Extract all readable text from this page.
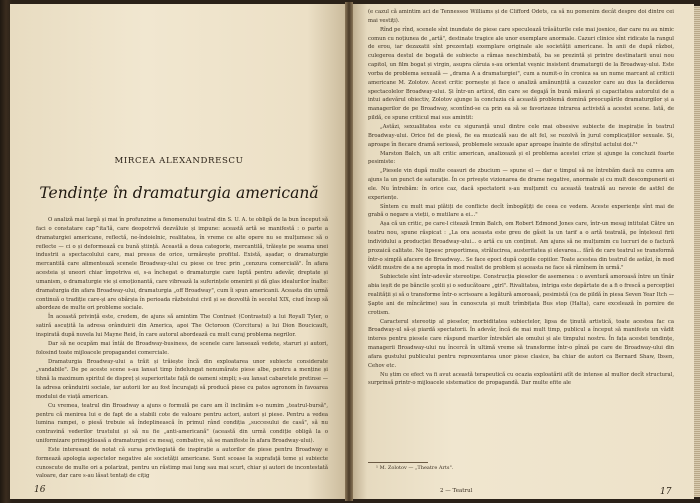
MIRCEA ALEXANDRESCU
Tendințe în dramaturgia americană

O analiză mai largă și mai în profunzime a fenomenului teatral din S. U. A. te obligă de la bun început să faci o constatare cap^ita'lă, care deopotrivă dezvăluie și impune: această artă se manifestă : o parte a dramaturgiei americane, reflectă, ne-îndoielnic, realitatea, în vreme ce alte opere nu se mulțumesc să o reflecte — ci o și deformează cu bună știință. Această a doua categorie, mercantilă, trăiește pe seama unei industrii a spectacolului care, mai presus de orice, urmărește profitul. Există, așadar, o dramaturgie mercantilă care alimentează scenele Broadway-ului cu piese ce trec prin „cenzura comercială". În afara acesteia și uneori chiar împotriva ei, s-a închegat o dramaturgie care luptă pentru adevăr, dreptate și umanism, o dramaturgie vie și emoționantă, care vibrează la suferințele omenirii și dă glas idealurilor înalte: dramaturgia din afara Broadway-ului, dramaturgia „off Broadway", cum îi spun americanii. Aceasta din urmă continuă o tradiție care-și are obârșia în perioada războiului civil și se dezvoltă în secolul XIX, ciud încep să abordeze de multe ori probleme sociale.

În această privință este, credem, de ajuns să amintim The Contrast (Contrastul) a lui Royall Tyler, o satiră ascuțită la adresa orânduirii din America, apoi The Octoroon (Corcitura) a lui Dion Boucicault, inspirată după nuvela lui Mayne Reid, în care autorul abordează cu mult curaj problema negrilor.

Dar să ne ocupăm mai întâi de Broadway-business, de scenele care lansează vedete, staruri și autori, folosind toate mijloacele propagandei comerciale.

Dramaturgia Broadway-ului a trăit și trăiește încă din exploatarea unor subiecte considerate „vandabile". De pe aceste scene s-au lansat timp îndelungat nenumărate piese albe, pentru a menține și tihnă la maximum spiritul de dispreț și superioritate față de oameni simpli; s-au lansat cabaretele pretinse — la adresa orânduirii sociale, iar autorii lor au fost încurajați să producă piese cu patos agronom în favoarea modului de viață american.

Cu vremea, teatrul din Broadway a ajuns o formulă pe care am îl inclinăm s-o numim „teatrul-bursă", pentru că menirea lui e de fapt de a stabili cote de valoare pentru actori, autori și piese. Pentru a vedea lumina rampei, o piesă trebuie să îndeplinească în primul rând condiția „succesului de casă", să nu contravină vederilor trustului și să nu fie „anti-americană" (această din urmă condiție obligă la o uniformizare primejdioasă a dramaturgiei cu mesaj, combative, să se manifeste în afara Broadway-ului).

Este interesant de notat că sursa privilegiată de inspirație a autorilor de piese pentru Broadway e formează apologia aspectelor negative ale societății americane. Sunt scoase la suprafață teme și subiecte cunoscute de multe ori a polarizat, pentru un răstimp mai lung sau mai scurt, chiar și autori de incontestată valoare, dar care s-au lăsat tentați de cițig

16

(e cazul că amintim aci de Tennessee Williams și de Clifford Odets, ca să nu pomenim decât despre doi dintre cei mai vestiți).

Rînd pe rînd, scenele sînt inundate de piese care speculează trăsăturile cele mai josnice, dar care nu au nimic comun cu noțiunea de „artă", destinate tragice ale unor exemplare anormale. Cazuri clinice sînt ridicate la rangul de erou, iar dezaxatii sînt prezentați exemplare originale ale societății americane. În anii de după război, culegerea destul de bogată de subiecte a rămas neschimbată, ba se prezintă și printre destinatarii unui nou capitol, un film bogat și virgin, asupra căruia s-au orientat veșnic insistent dramaturgii de la Broadway-ului. Este vorba de problema sexuală — „drama A a dramaturgiei", cum a numit-o în cronica sa un nume marcant al criticii americane M. Zolotov. Acest critic pornește și face o analiză amănunțită a cauzelor care au dus la decăderea spectacolelor Broadway-ului. Și într-un articol, din care se degajă în bună măsură și capacitatea autorului de a intui adevărul obiectiv, Zolotov ajunge la concluzia că această problemă domină preocupările dramaturgilor și a managerilor de pe Broadway, scontînd-se ca prin ea să se favorizeze intrarea activistă a acestei scene. Iată, de pildă, ce spune criticul mai sus amintit:

„Astăzi, sexualitatea este cu siguranță unul dintre cele mai obsesive subiecte de inspirație în teatrul Broadway-ului. Orice fel de piesă, fie ea muzicală sau de alt fel, se rezolvă în jurul complicațiilor sexuale. Și, aproape în fiecare dramă serioasă, problemele sexuale apar aproape înainte de sfîrșitul actului doi."¹

Marston Balch, un alt critic american, analizează și el problema acestei crize și ajunge la concluzii foarte pesimiste:

„Piesele vin după multe ceasuri de zbucium — spune el — dar e timpul să ne întrebăm dacă nu cumva am ajuns la un punct de saturație. În ce privește vizionarea de drame negative, anormale și cu mult descompunerii ei ele. Nu întrebăm: în orice caz, dacă spectatorii s-au mulțumit cu această teatrală au nevoie de astfel de experiențe.

Sîntem cu mult mai plătiți de conflicte decît îmbogățiți de ceea ce vedem. Aceste experiențe sînt mai de grabă o negare a vieții, o mutilare a ei..."

Așa că un critic, pe care-l citează Irmin Balch, om Robert Edmond Jones care, într-un mesaj intitulat Către un teatru nou, spune răspicat : „La ora aceasta este greu de găsit la un tarif a o artă teatrală, pe înțelesul firii individului a producției Broadway-ului... o artă cu un conținut. Am ajuns să ne mulțumim cu lucruri de o factură prozaică calitate. Ne lipsesc proportimea, strălucirea, austeritatea și elevarea... fără de care teatrul se transformă într-o simplă afacere de Broadway... Se face epoci după copiile copiilor. Toate acestea din teatrul de astăzi, în mod vădit mustre de a ne apropia în mod realist de problem și aceasta ne face să rămînem în urmă."

Subiectele sînt într-adevăr stereotipe. Construcția pieselor de asemenea : o aventură amoroasă între un tînăr abia ieșit de pe băncile școlii și o seducătoare „girl". Rivalitatea, intriga este depărtate de a fi o frescă a percepției realității și să o transforme într-o scrisoare a legătură amoroasă, pesimistă (ca de pildă în piesa Seven Year Itch — Șapte ani de mîncărime) sau în cunoscuta și mult trîmbițata Bus stop (Halta), care excelează în pornire de crotism.

Caracterul stereotip al pieselor, morbiditatea subiectelor, lipsa de ținută artistică, toate acestea fac ca Broadway-ul să-și piardă spectatorii. În adevăr, încă de mai mult timp, publicul a început să manifeste un vădit interes pentru piesele care răspund marilor întrebări ale omului și ale timpului nostru. În fața acestei tendințe, managerii Broadway-ului nu încercă în ultimă vreme să transforme într-o pînză pe care de Broadway-ului din afara gustului publicului pentru reprezentarea unor piese clasice, ba chiar de autori ca Bernard Shaw, Ibsen, Cehov etc.

Nu știm ce efect va fi avut această terapeutică cu ocazia exploatării atît de intense al multor decît structural, surprinsă printr-o mijloacele sistematice de propagandă. Dar multe efite ale

¹ M. Zolotov — „Theatre Arts".
2 — Teatrul	17
